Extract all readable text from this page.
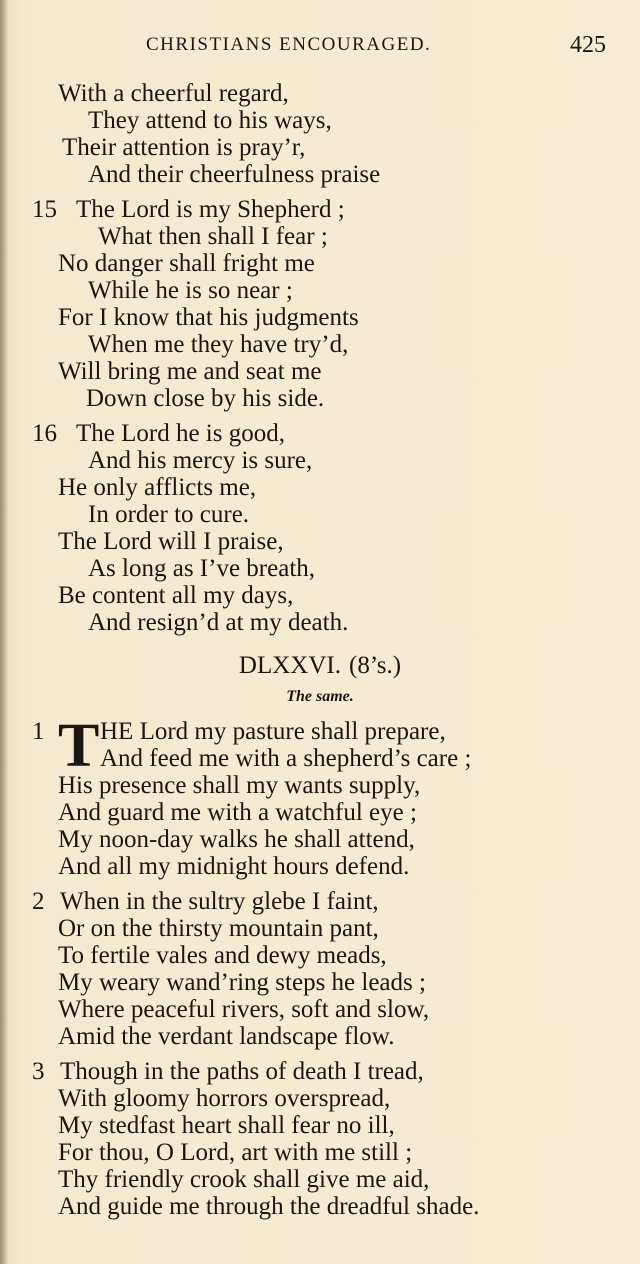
CHRISTIANS ENCOURAGED.	425
With a cheerful regard,
They attend to his ways,
Their attention is pray’r,
And their cheerfulness praise
15 The Lord is my Shepherd ;
What then shall I fear ;
No danger shall fright me
While he is so near ;
For I know that his judgments
When me they have try’d,
Will bring me and seat me
Down close by his side.
16 The Lord he is good,
And his mercy is sure,
He only afflicts me,
In order to cure.
The Lord will I praise,
As long as I’ve breath,
Be content all my days,
And resign’d at my death.
DLXXVI. (8’s.)
The same.
1 T HE Lord my pasture shall prepare,
And feed me with a shepherd’s care ;
His presence shall my wants supply,
And guard me with a watchful eye ;
My noon-day walks he shall attend,
And all my midnight hours defend.
2 When in the sultry glebe I faint,
Or on the thirsty mountain pant,
To fertile vales and dewy meads,
My weary wand’ring steps he leads ;
Where peaceful rivers, soft and slow,
Amid the verdant landscape flow.
3 Though in the paths of death I tread,
With gloomy horrors overspread,
My stedfast heart shall fear no ill,
For thou, O Lord, art with me still ;
Thy friendly crook shall give me aid,
And guide me through the dreadful shade.
